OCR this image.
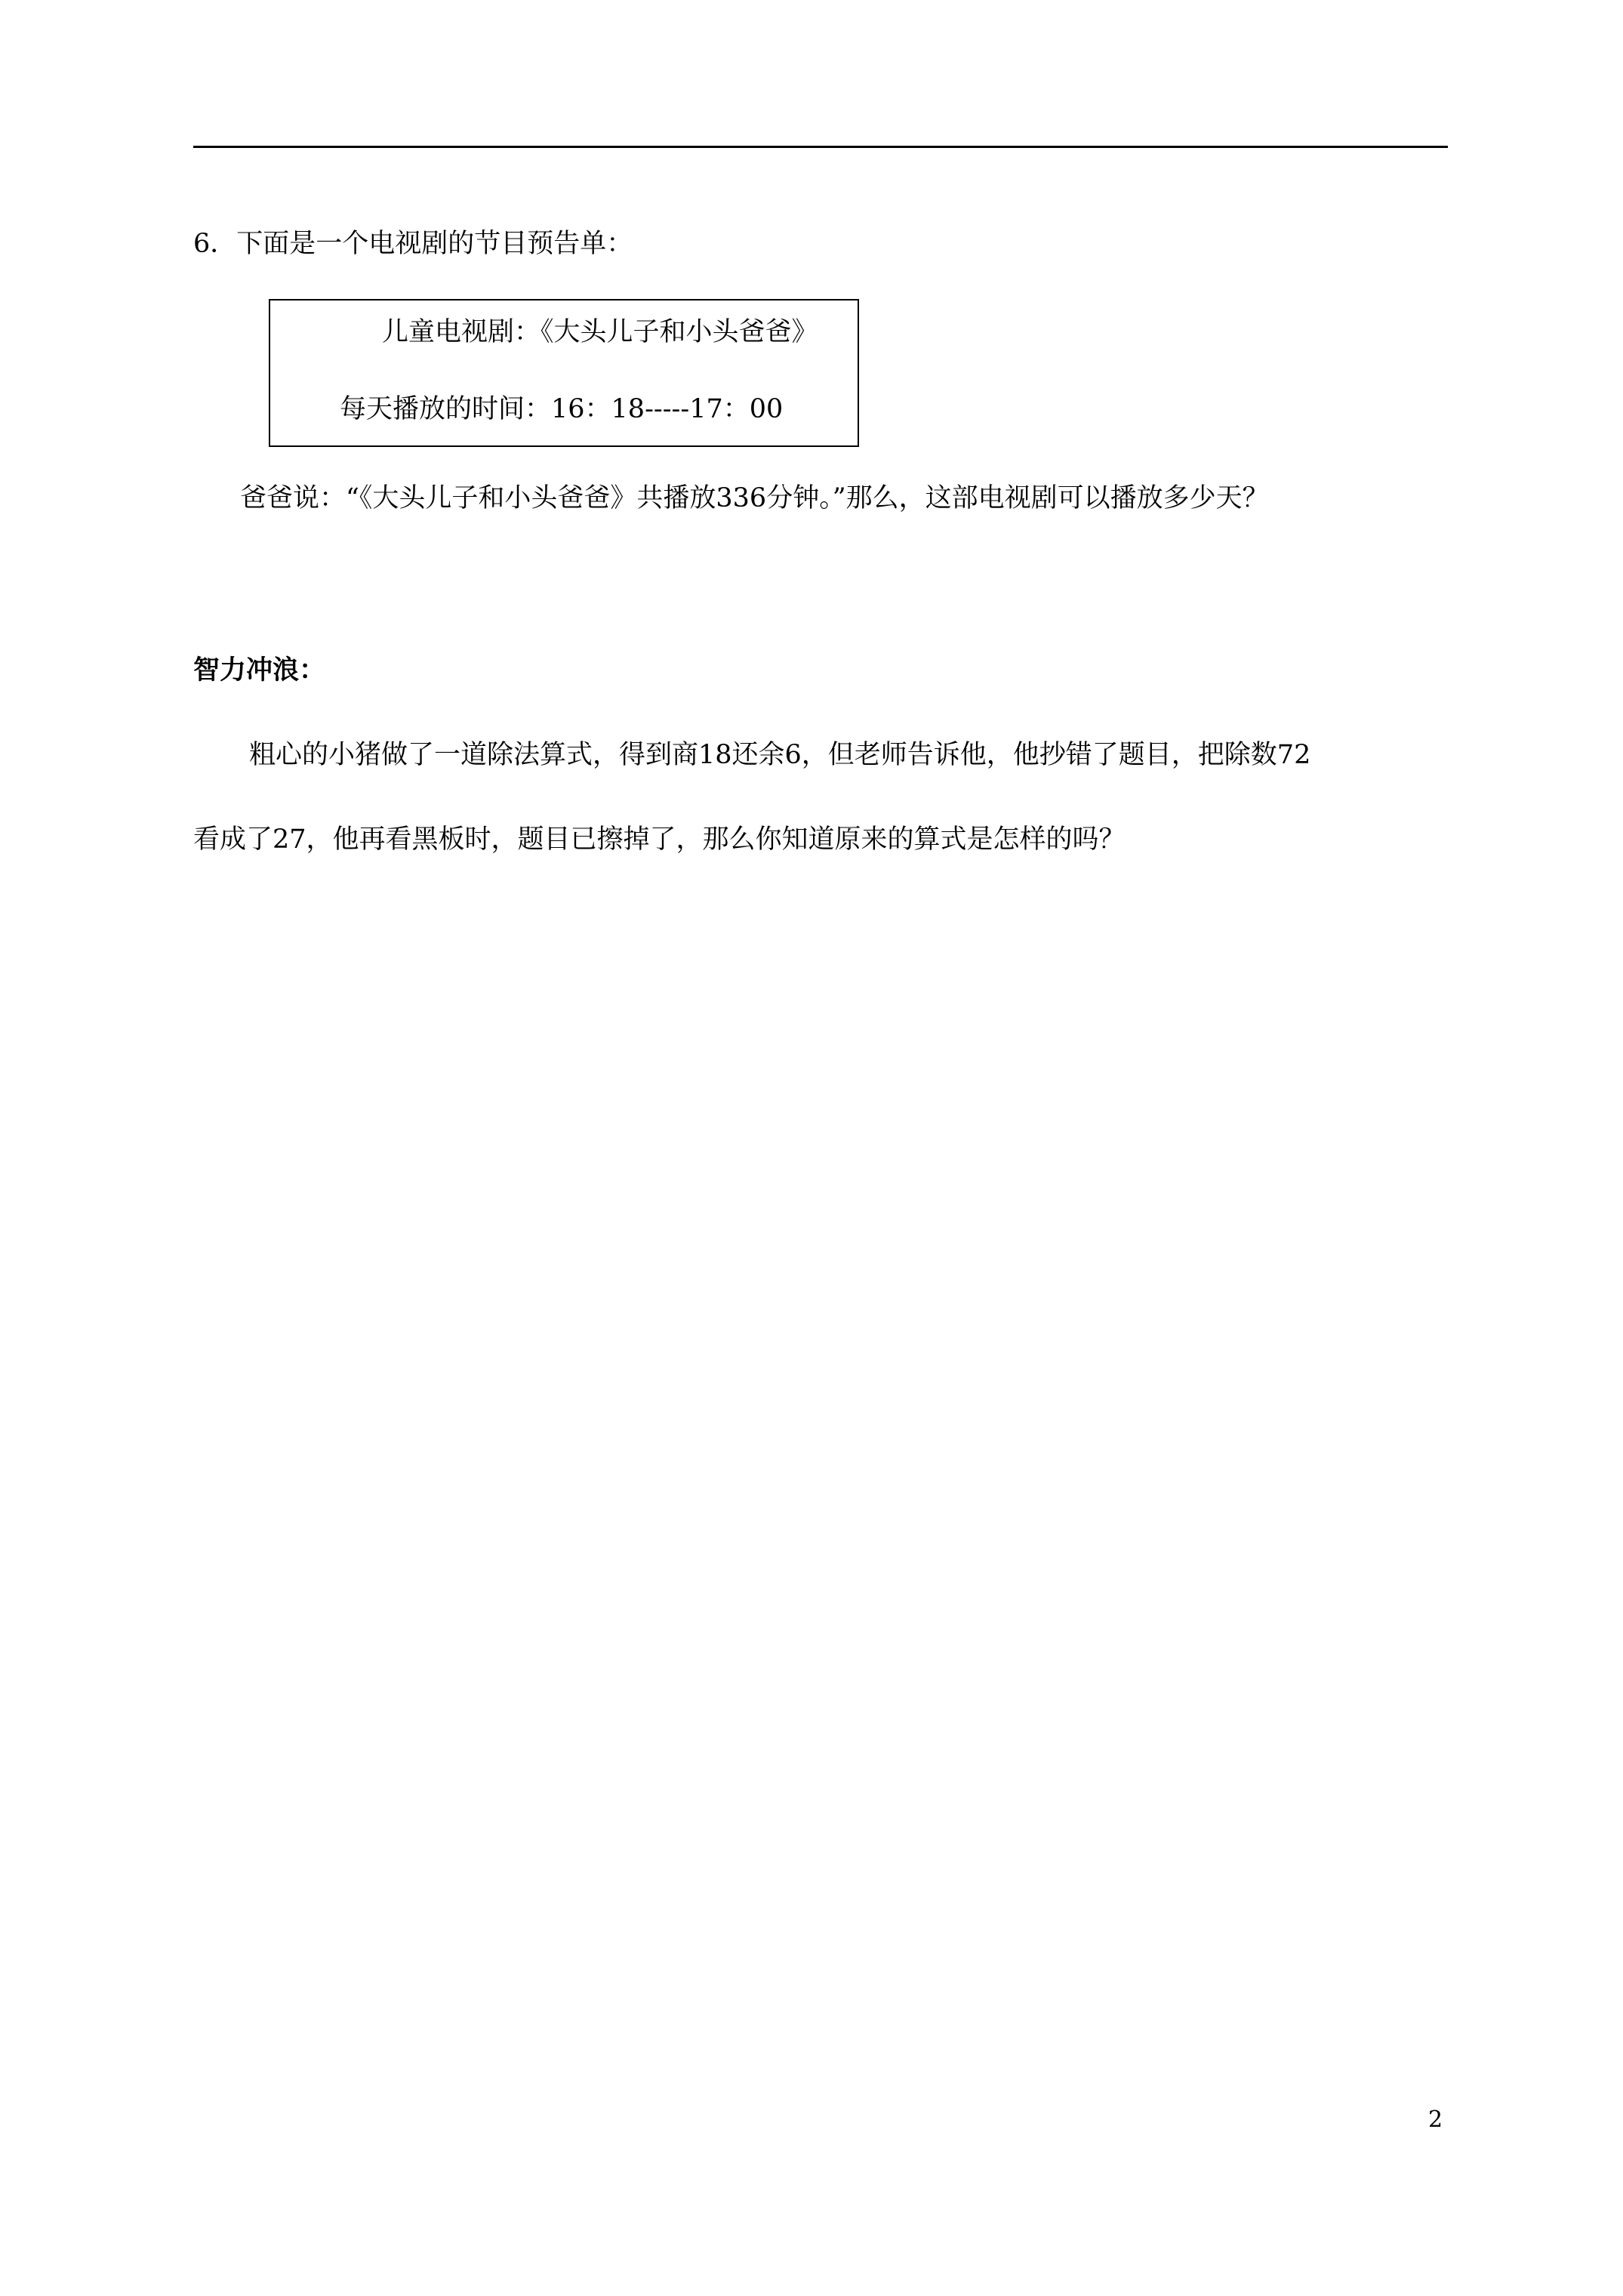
6．下面是一个电视剧的节目预告单：
儿童电视剧：《大头儿子和小头爸爸》
每天播放的时间：16：18-----17：00
爸爸说：“《大头儿子和小头爸爸》共播放336分钟。”那么，这部电视剧可以播放多少天？
智力冲浪：
粗心的小猪做了一道除法算式，得到商18还余6，但老师告诉他，他抄错了题目，把除数72
看成了27，他再看黑板时，题目已擦掉了，那么你知道原来的算式是怎样的吗？
2
